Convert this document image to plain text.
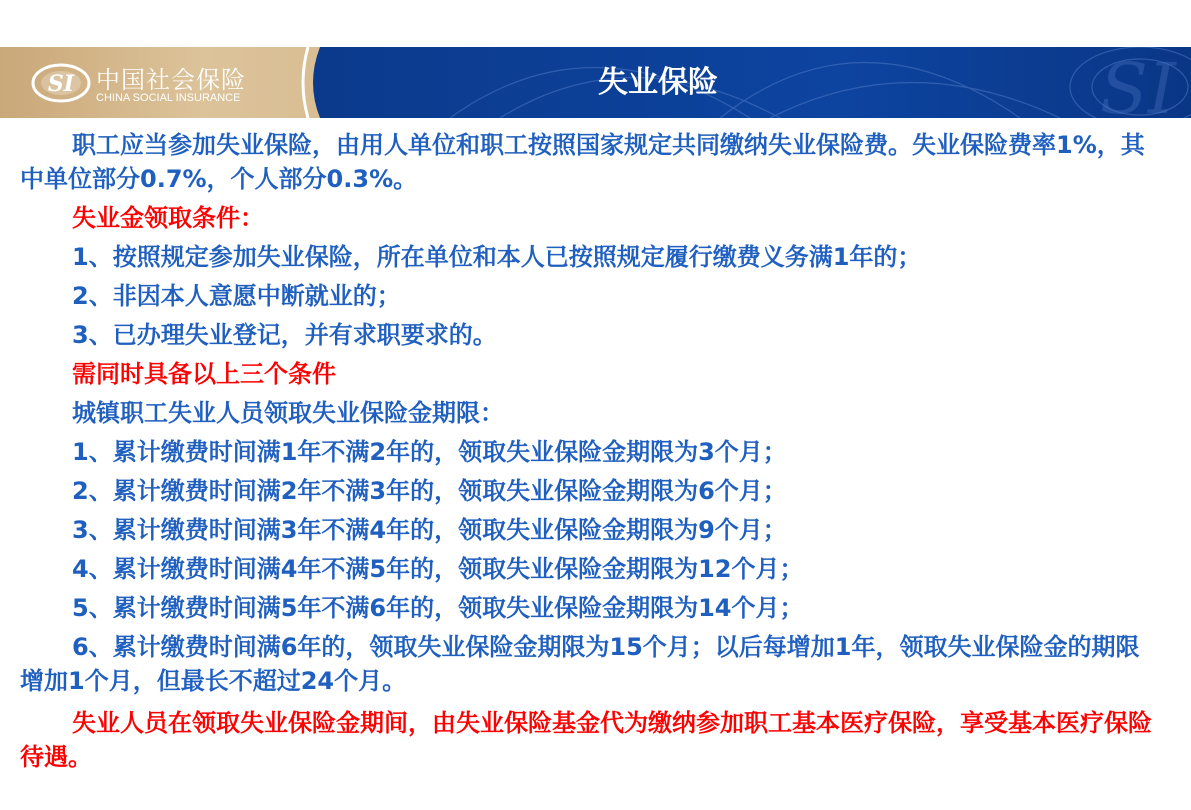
SI 中国社会保险
CHINA SOCIAL INSURANCE	SI
失业保险

职工应当参加失业保险，由用人单位和职工按照国家规定共同缴纳失业保险费。失业保险费率1%，其中单位部分0.7%，个人部分0.3%。

失业金领取条件：

1、按照规定参加失业保险，所在单位和本人已按照规定履行缴费义务满1年的；

2、非因本人意愿中断就业的；

3、已办理失业登记，并有求职要求的。

需同时具备以上三个条件

城镇职工失业人员领取失业保险金期限：

1、累计缴费时间满1年不满2年的，领取失业保险金期限为3个月；

2、累计缴费时间满2年不满3年的，领取失业保险金期限为6个月；

3、累计缴费时间满3年不满4年的，领取失业保险金期限为9个月；

4、累计缴费时间满4年不满5年的，领取失业保险金期限为12个月；

5、累计缴费时间满5年不满6年的，领取失业保险金期限为14个月；

6、累计缴费时间满6年的，领取失业保险金期限为15个月；以后每增加1年，领取失业保险金的期限增加1个月，但最长不超过24个月。

失业人员在领取失业保险金期间，由失业保险基金代为缴纳参加职工基本医疗保险，享受基本医疗保险待遇。
